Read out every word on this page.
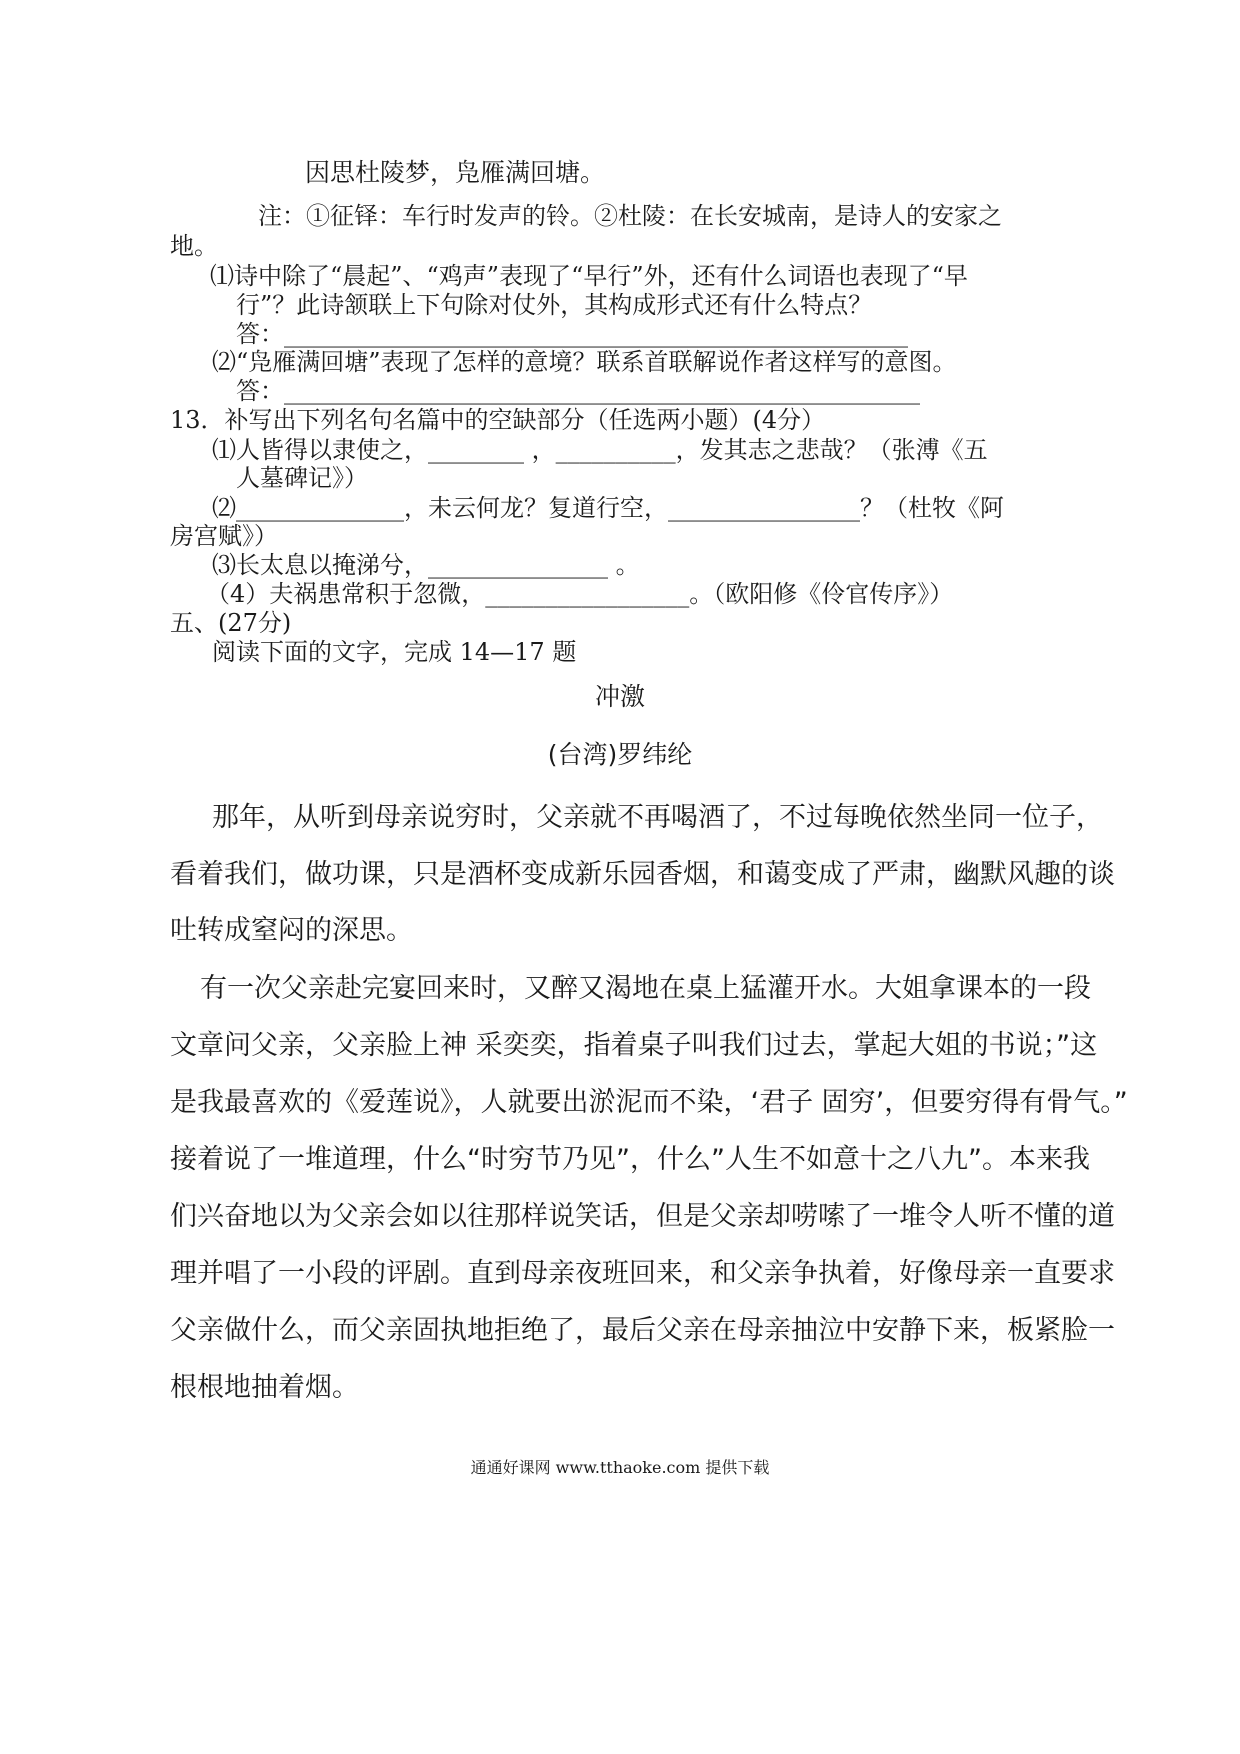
因思杜陵梦，凫雁满回塘。
注：①征铎：车行时发声的铃。②杜陵：在长安城南，是诗人的安家之
地。
⑴诗中除了“晨起”、“鸡声”表现了“早行”外，还有什么词语也表现了“早
行”？此诗颔联上下句除对仗外，其构成形式还有什么特点？
答：____________________________________________________
⑵“凫雁满回塘”表现了怎样的意境？联系首联解说作者这样写的意图。
答：_____________________________________________________
13．补写出下列名句名篇中的空缺部分（任选两小题）(4分）
⑴人皆得以隶使之，________ ，__________，发其志之悲哉？（张溥《五
人墓碑记》）
⑵______________，未云何龙？复道行空，________________？（杜牧《阿
房宫赋》）
⑶长太息以掩涕兮，_______________ 。
（4）夫祸患常积于忽微，_________________。（欧阳修《伶官传序》）
五、(27分)
阅读下面的文字，完成 14—17 题
冲激
(台湾)罗纬纶
那年，从听到母亲说穷时，父亲就不再喝酒了，不过每晚依然坐同一位子，
看着我们，做功课，只是酒杯变成新乐园香烟，和蔼变成了严肃，幽默风趣的谈
吐转成窒闷的深思。
有一次父亲赴完宴回来时，又醉又渴地在桌上猛灌开水。大姐拿课本的一段
文章问父亲，父亲脸上神 采奕奕，指着桌子叫我们过去，掌起大姐的书说；”这
是我最喜欢的《爱莲说》，人就要出淤泥而不染，‘君子 固穷’，但要穷得有骨气。”
接着说了一堆道理，什么“时穷节乃见”，什么”人生不如意十之八九”。本来我
们兴奋地以为父亲会如以往那样说笑话，但是父亲却唠嗦了一堆令人听不懂的道
理并唱了一小段的评剧。直到母亲夜班回来，和父亲争执着，好像母亲一直要求
父亲做什么，而父亲固执地拒绝了，最后父亲在母亲抽泣中安静下来，板紧脸一
根根地抽着烟。
通通好课网 www.tthaoke.com 提供下载
